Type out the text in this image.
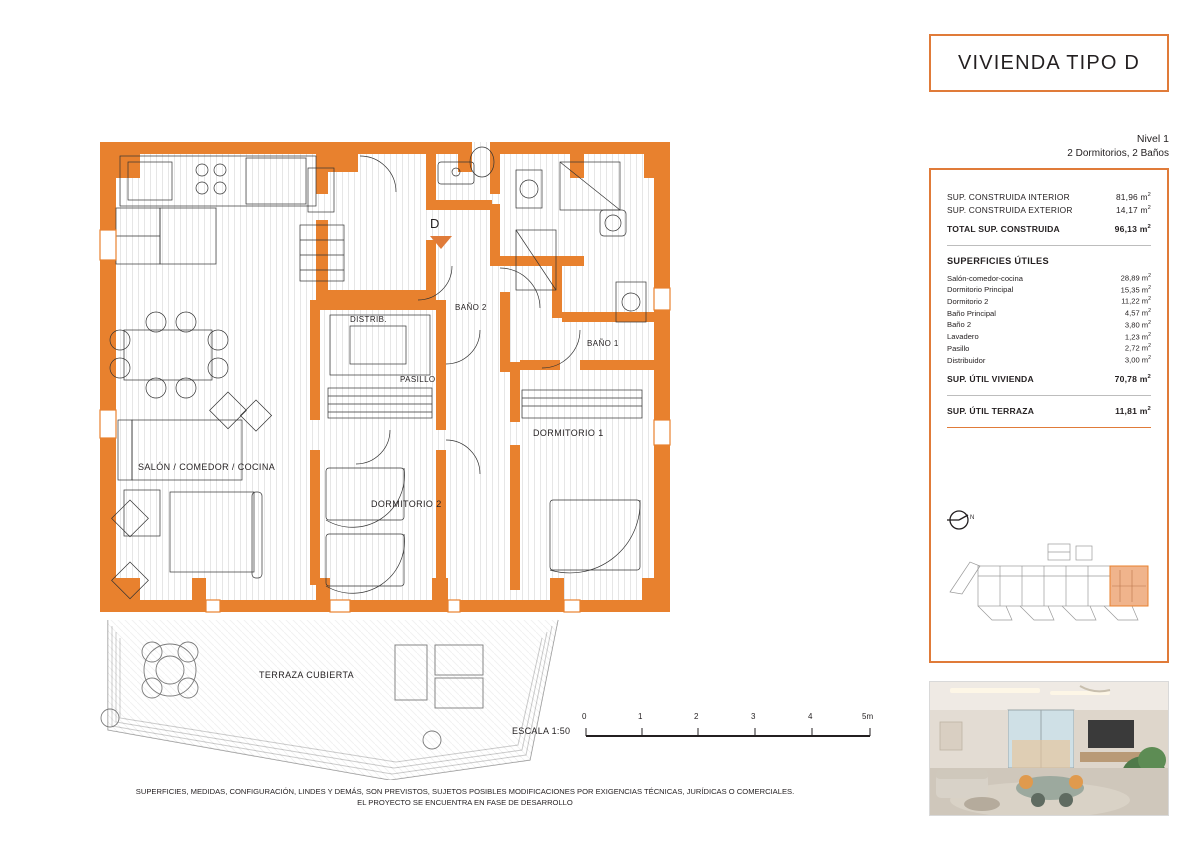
D
SALÓN / COMEDOR / COCINA
DISTRIB.
PASILLO
BAÑO 2
BAÑO 1
DORMITORIO 1
DORMITORIO 2
TERRAZA CUBIERTA
ESCALA 1:50
0	1	2	3	4	5m
SUPERFICIES, MEDIDAS, CONFIGURACIÓN, LINDES Y DEMÁS, SON PREVISTOS, SUJETOS POSIBLES MODIFICACIONES POR EXIGENCIAS TÉCNICAS, JURÍDICAS O COMERCIALES.
EL PROYECTO SE ENCUENTRA EN FASE DE DESARROLLO
VIVIENDA TIPO D
Nivel 1
2 Dormitorios, 2 Baños
SUP. CONSTRUIDA INTERIOR	81,96 $m^2$
SUP. CONSTRUIDA EXTERIOR	14,17 $m^2$
TOTAL SUP. CONSTRUIDA	96,13 $m^2$
SUPERFICIES ÚTILES
Salón-comedor-cocina	28,89 $m^2$
Dormitorio Principal	15,35 $m^2$
Dormitorio 2	11,22 $m^2$
Baño Principal	4,57 $m^2$
Baño 2	3,80 $m^2$
Lavadero	1,23 $m^2$
Pasillo	2,72 $m^2$
Distribuidor	3,00 $m^2$
SUP. ÚTIL VIVIENDA	70,78 $m^2$
SUP. ÚTIL TERRAZA	11,81 $m^2$
N
